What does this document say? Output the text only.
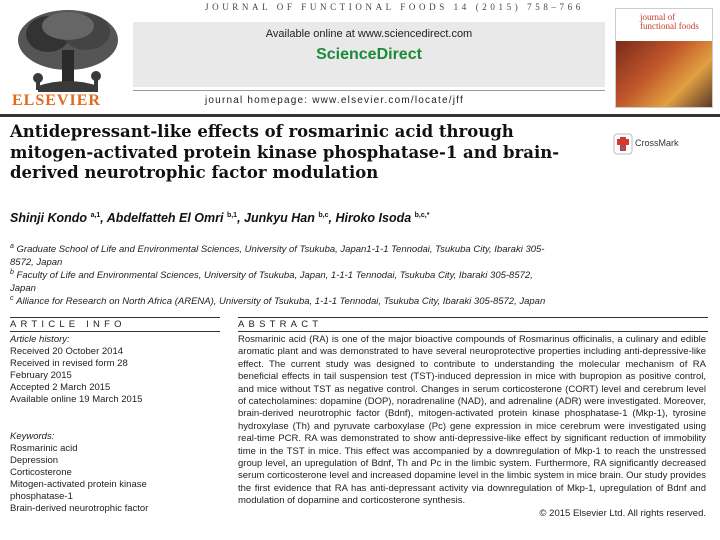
JOURNAL OF FUNCTIONAL FOODS 14 (2015) 758–766
ELSEVIER
Available online at www.sciencedirect.com
ScienceDirect
journal homepage: www.elsevier.com/locate/jff
journal of functional foods
Antidepressant-like effects of rosmarinic acid through mitogen-activated protein kinase phosphatase-1 and brain-derived neurotrophic factor modulation
CrossMark
Shinji Kondo $^{a,1}$, Abdelfatteh El Omri $^{b,1}$, Junkyu Han $^{b,c}$, Hiroko Isoda $^{b,c,*}$
$^a$ Graduate School of Life and Environmental Sciences, University of Tsukuba, Japan1-1-1 Tennodai, Tsukuba City, Ibaraki 305-8572, Japan
$^b$ Faculty of Life and Environmental Sciences, University of Tsukuba, Japan, 1-1-1 Tennodai, Tsukuba City, Ibaraki 305-8572, Japan
$^c$ Alliance for Research on North Africa (ARENA), University of Tsukuba, 1-1-1 Tennodai, Tsukuba City, Ibaraki 305-8572, Japan
ARTICLE INFO	ABSTRACT
Article history:
Received 20 October 2014
Received in revised form 28
February 2015
Accepted 2 March 2015
Available online 19 March 2015
Keywords:
Rosmarinic acid
Depression
Corticosterone
Mitogen-activated protein kinase
phosphatase-1
Brain-derived neurotrophic factor
Rosmarinic acid (RA) is one of the major bioactive compounds of Rosmarinus officinalis, a culinary and edible aromatic plant and was demonstrated to have several neuroprotective properties including anti-depressive-like effect. The current study was designed to contribute to understanding the molecular mechanism of RA beneficial effects in tail suspension test (TST)-induced depression in mice with bupropion as positive control, and mice without TST as negative control. Changes in serum corticosterone (CORT) level and cerebrum level of catecholamines: dopamine (DOP), noradrenaline (NAD), and adrenaline (ADR) were investigated. Moreover, brain-derived neurotrophic factor (Bdnf), mitogen-activated protein kinase phosphatase-1 (Mkp-1), tyrosine hydroxylase (Th) and pyruvate carboxylase (Pc) gene expression in mice cerebrum were investigated using real-time PCR. RA was demonstrated to show anti-depressive-like effect by significant reduction of immobility time in the TST in mice. This effect was accompanied by a downregulation of Mkp-1 to reach the unstressed group level, an upregulation of Bdnf, Th and Pc in the limbic system. Furthermore, RA significantly decreased serum corticosterone level and increased dopamine level in the limbic system in mice brain. Our study provides the first evidence that RA has anti-depressant activity via downregulation of Mkp-1, upregulation of Bdnf and modulation of dopamine and corticosterone synthesis.
© 2015 Elsevier Ltd. All rights reserved.
